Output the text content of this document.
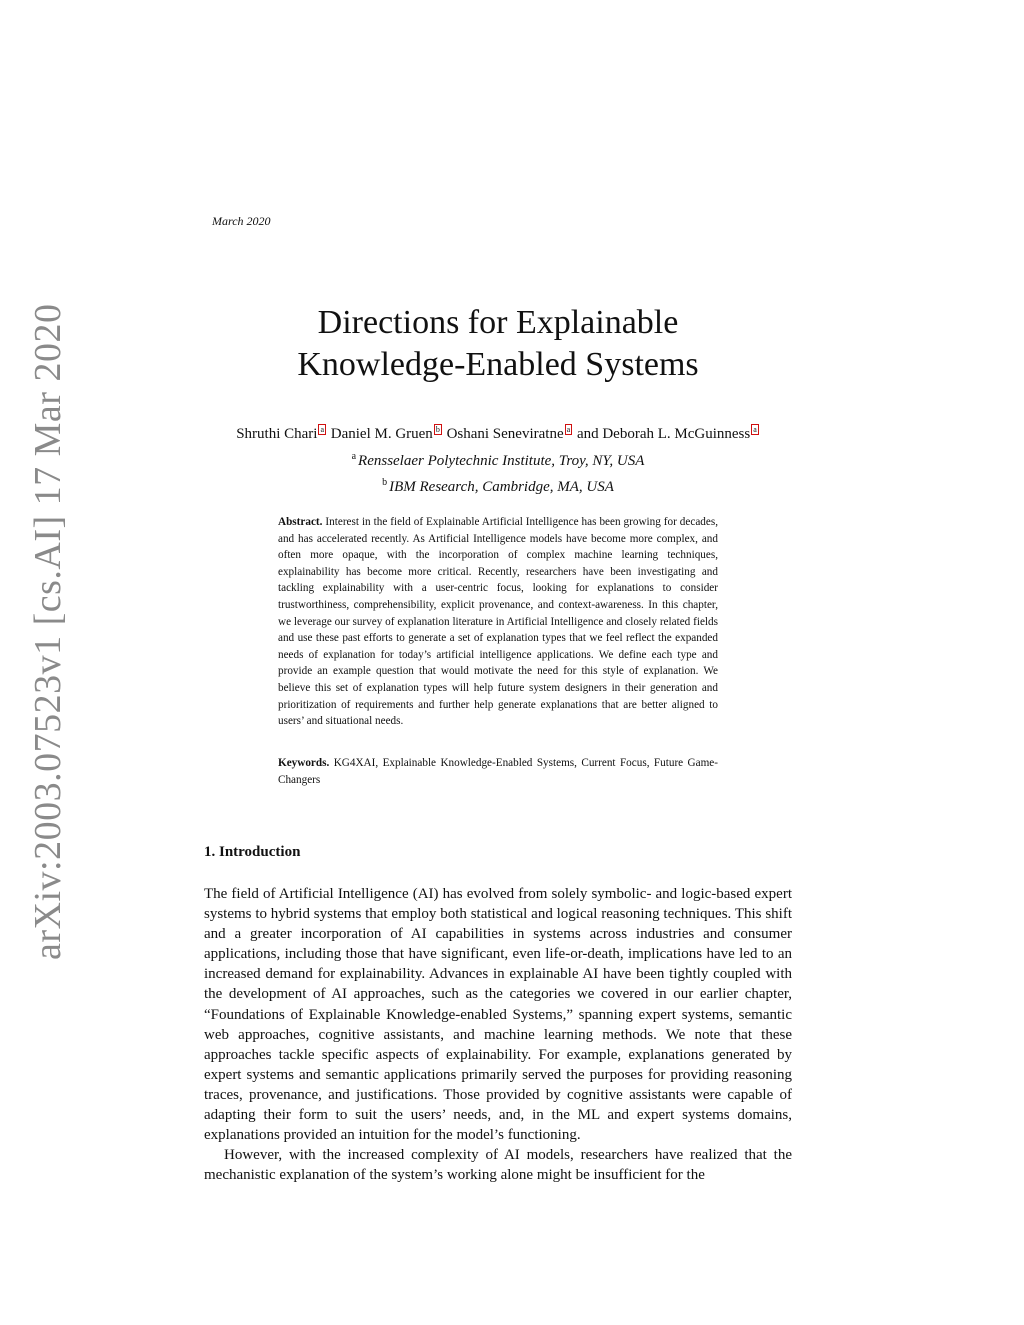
arXiv:2003.07523v1 [cs.AI] 17 Mar 2020
March 2020
Directions for Explainable
Knowledge-Enabled Systems
Shruthi Chari a Daniel M. Gruen b Oshani Seneviratne a and Deborah L. McGuinness a
$^a$ Rensselaer Polytechnic Institute, Troy, NY, USA
$^b$ IBM Research, Cambridge, MA, USA
Abstract. Interest in the field of Explainable Artificial Intelligence has been growing for decades, and has accelerated recently. As Artificial Intelligence models have become more complex, and often more opaque, with the incorporation of complex machine learning techniques, explainability has become more critical. Recently, researchers have been investigating and tackling explainability with a user-centric focus, looking for explanations to consider trustworthiness, comprehensibility, explicit provenance, and context-awareness. In this chapter, we leverage our survey of explanation literature in Artificial Intelligence and closely related fields and use these past efforts to generate a set of explanation types that we feel reflect the expanded needs of explanation for today’s artificial intelligence applications. We define each type and provide an example question that would motivate the need for this style of explanation. We believe this set of explanation types will help future system designers in their generation and prioritization of requirements and further help generate explanations that are better aligned to users’ and situational needs.
Keywords. KG4XAI, Explainable Knowledge-Enabled Systems, Current Focus, Future Game-Changers
1. Introduction

The field of Artificial Intelligence (AI) has evolved from solely symbolic- and logic-based expert systems to hybrid systems that employ both statistical and logical reasoning techniques. This shift and a greater incorporation of AI capabilities in systems across industries and consumer applications, including those that have significant, even life-or-death, implications have led to an increased demand for explainability. Advances in explainable AI have been tightly coupled with the development of AI approaches, such as the categories we covered in our earlier chapter, “Foundations of Explainable Knowledge-enabled Systems,” spanning expert systems, semantic web approaches, cognitive assistants, and machine learning methods. We note that these approaches tackle specific aspects of explainability. For example, explanations generated by expert systems and semantic applications primarily served the purposes for providing reasoning traces, provenance, and justifications. Those provided by cognitive assistants were capable of adapting their form to suit the users’ needs, and, in the ML and expert systems domains, explanations provided an intuition for the model’s functioning.

However, with the increased complexity of AI models, researchers have realized that the mechanistic explanation of the system’s working alone might be insufficient for the
